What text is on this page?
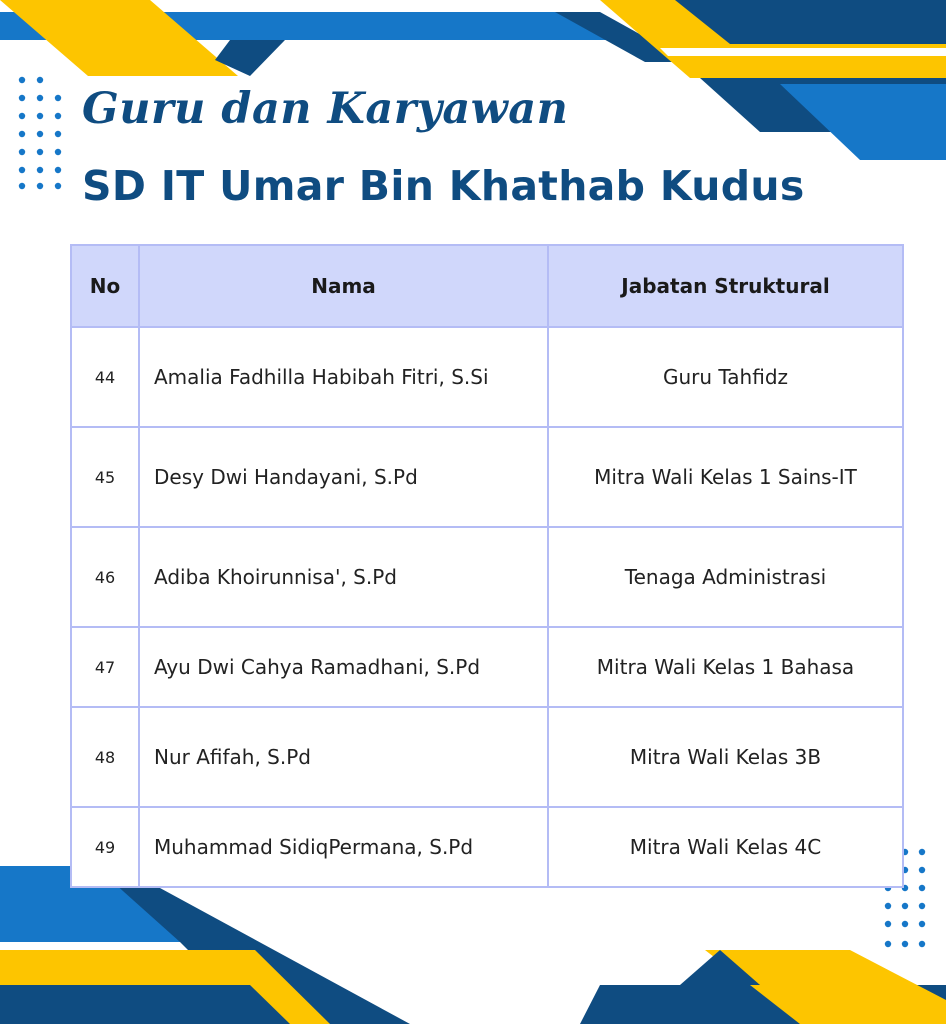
Guru dan Karyawan
SD IT Umar Bin Khathab Kudus
No	Nama	Jabatan Struktural
44	Amalia Fadhilla Habibah Fitri, S.Si	Guru Tahfidz
45	Desy Dwi Handayani, S.Pd	Mitra Wali Kelas 1 Sains-IT
46	Adiba Khoirunnisa', S.Pd	Tenaga Administrasi
47	Ayu Dwi Cahya Ramadhani, S.Pd	Mitra Wali Kelas 1 Bahasa
48	Nur Afifah, S.Pd	Mitra Wali Kelas 3B
49	Muhammad SidiqPermana, S.Pd	Mitra Wali Kelas 4C
